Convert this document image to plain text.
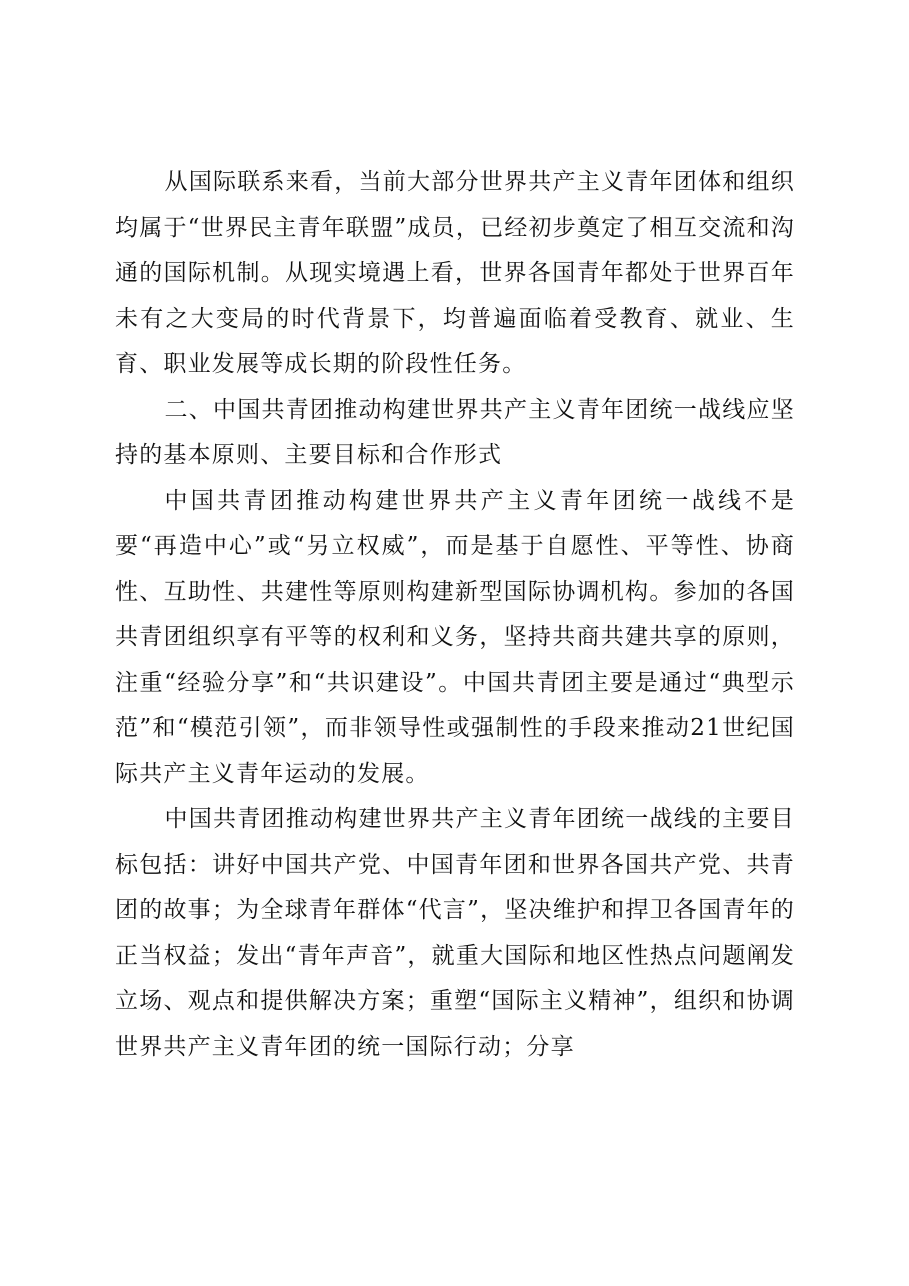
从国际联系来看，当前大部分世界共产主义青年团体和组织均属于“世界民主青年联盟”成员，已经初步奠定了相互交流和沟通的国际机制。从现实境遇上看，世界各国青年都处于世界百年未有之大变局的时代背景下，均普遍面临着受教育、就业、生育、职业发展等成长期的阶段性任务。

二、中国共青团推动构建世界共产主义青年团统一战线应坚持的基本原则、主要目标和合作形式

中国共青团推动构建世界共产主义青年团统一战线不是要“再造中心”或“另立权威”，而是基于自愿性、平等性、协商性、互助性、共建性等原则构建新型国际协调机构。参加的各国共青团组织享有平等的权利和义务，坚持共商共建共享的原则，注重“经验分享”和“共识建设”。中国共青团主要是通过“典型示范”和“模范引领”，而非领导性或强制性的手段来推动21世纪国际共产主义青年运动的发展。

中国共青团推动构建世界共产主义青年团统一战线的主要目标包括：讲好中国共产党、中国青年团和世界各国共产党、共青团的故事；为全球青年群体“代言”，坚决维护和捍卫各国青年的正当权益；发出“青年声音”，就重大国际和地区性热点问题阐发立场、观点和提供解决方案；重塑“国际主义精神”，组织和协调世界共产主义青年团的统一国际行动；分享
